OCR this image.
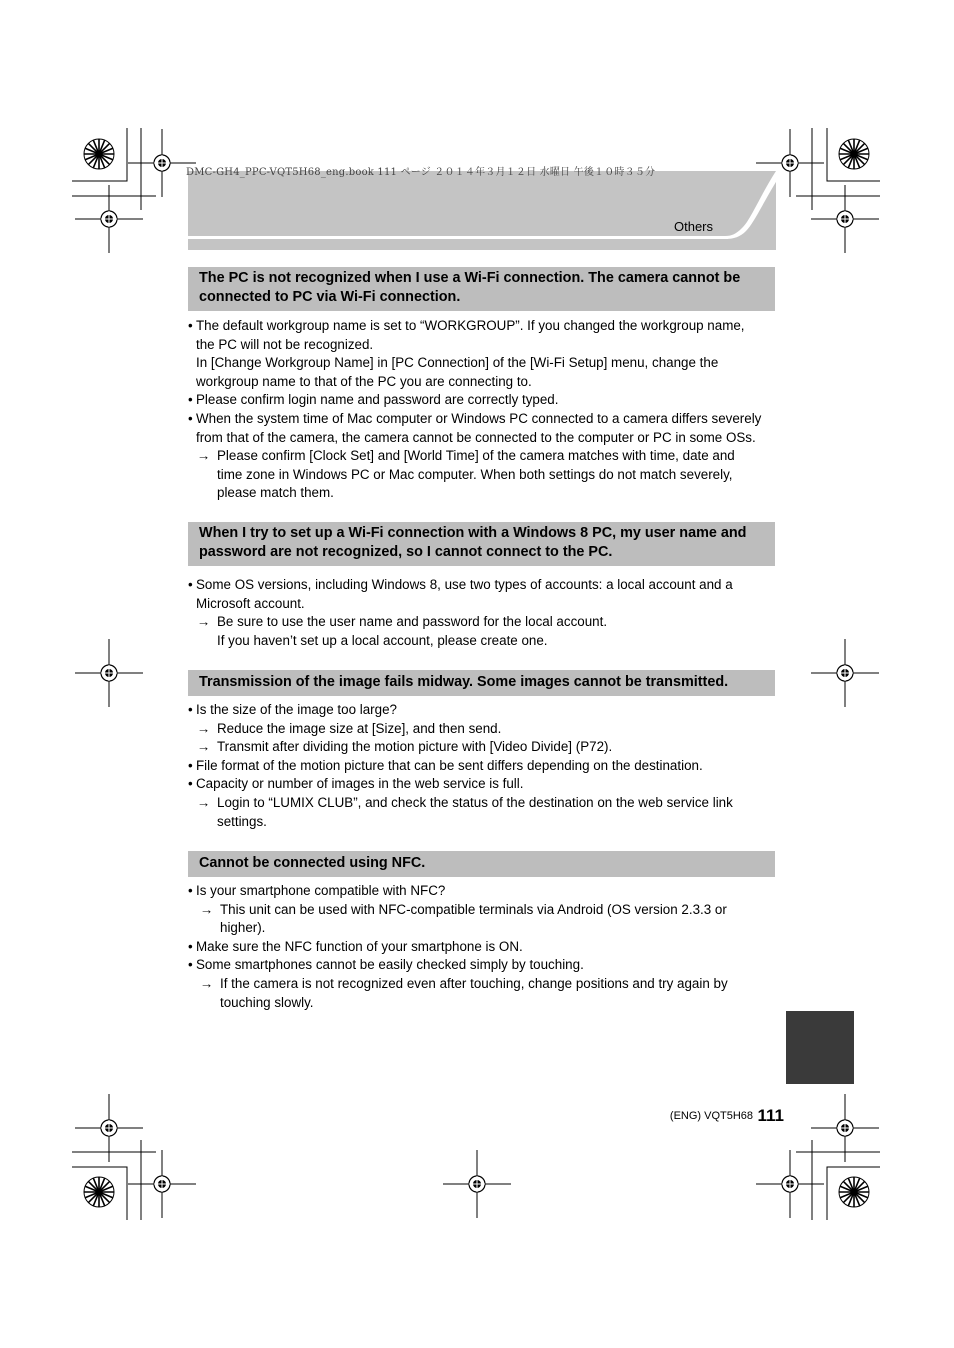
DMC-GH4_PPC-VQT5H68_eng.book 111 ページ ２０１４年３月１２日 水曜日 午後１０時３５分
Others
The PC is not recognized when I use a Wi-Fi connection. The camera cannot be
connected to PC via Wi-Fi connection.
• The default workgroup name is set to “WORKGROUP”. If you changed the workgroup name,
the PC will not be recognized.
In [Change Workgroup Name] in [PC Connection] of the [Wi-Fi Setup] menu, change the
workgroup name to that of the PC you are connecting to.
• Please confirm login name and password are correctly typed.
• When the system time of Mac computer or Windows PC connected to a camera differs severely
from that of the camera, the camera cannot be connected to the computer or PC in some OSs.
→ Please confirm [Clock Set] and [World Time] of the camera matches with time, date and
time zone in Windows PC or Mac computer. When both settings do not match severely,
please match them.
When I try to set up a Wi-Fi connection with a Windows 8 PC, my user name and
password are not recognized, so I cannot connect to the PC.
• Some OS versions, including Windows 8, use two types of accounts: a local account and a
Microsoft account.
→ Be sure to use the user name and password for the local account.
If you haven’t set up a local account, please create one.
Transmission of the image fails midway. Some images cannot be transmitted.
• Is the size of the image too large?
→ Reduce the image size at [Size], and then send.
→ Transmit after dividing the motion picture with [Video Divide] (P72).
• File format of the motion picture that can be sent differs depending on the destination.
• Capacity or number of images in the web service is full.
→ Login to “LUMIX CLUB”, and check the status of the destination on the web service link
settings.
Cannot be connected using NFC.
• Is your smartphone compatible with NFC?
→ This unit can be used with NFC-compatible terminals via Android (OS version 2.3.3 or
higher).
• Make sure the NFC function of your smartphone is ON.
• Some smartphones cannot be easily checked simply by touching.
→ If the camera is not recognized even after touching, change positions and try again by
touching slowly.
(ENG) VQT5H68 111
